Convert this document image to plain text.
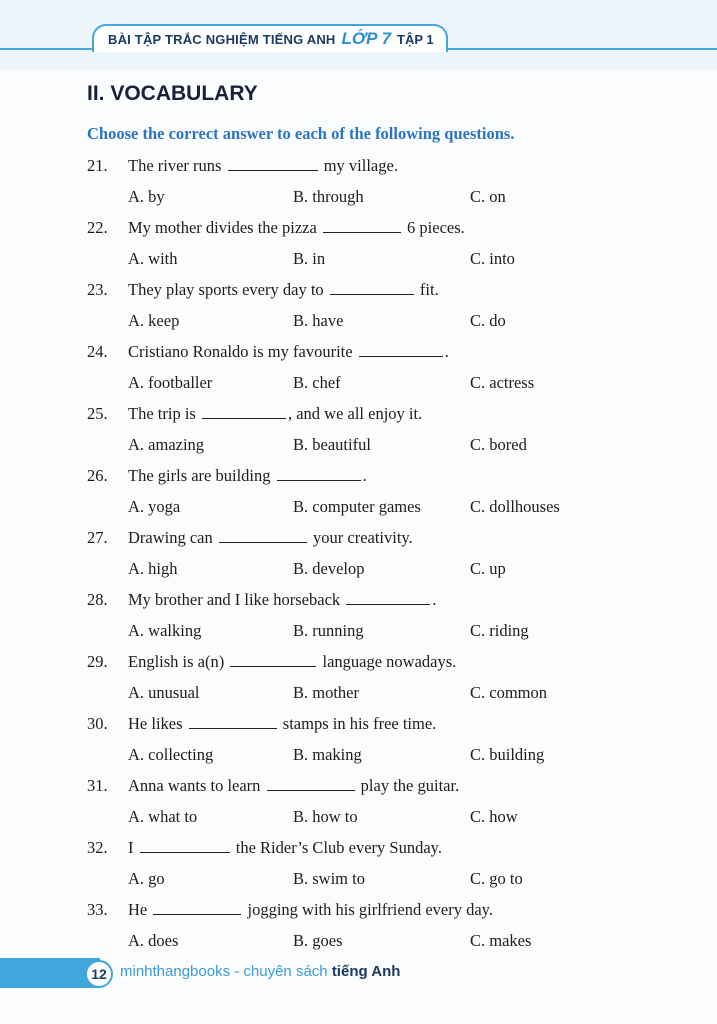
BÀI TẬP TRẮC NGHIỆM TIẾNG ANH LỚP 7 TẬP 1
II. VOCABULARY

Choose the correct answer to each of the following questions.

21. The river runs	my village.
A. by	B. through	C. on
22. My mother divides the pizza	6 pieces.
A. with	B. in	C. into
23. They play sports every day to	fit.
A. keep	B. have	C. do
24. Cristiano Ronaldo is my favourite	.
A. footballer	B. chef	C. actress
25. The trip is	, and we all enjoy it.
A. amazing	B. beautiful	C. bored
26. The girls are building	.
A. yoga	B. computer games	C. dollhouses
27. Drawing can	your creativity.
A. high	B. develop	C. up
28. My brother and I like horseback	.
A. walking	B. running	C. riding
29. English is a(n)	language nowadays.
A. unusual	B. mother	C. common
30. He likes	stamps in his free time.
A. collecting	B. making	C. building
31. Anna wants to learn	play the guitar.
A. what to	B. how to	C. how
32. I	the Rider’s Club every Sunday.
A. go	B. swim to	C. go to
33. He	jogging with his girlfriend every day.
A. does	B. goes	C. makes
12 minhthangbooks - chuyên sách tiếng Anh
